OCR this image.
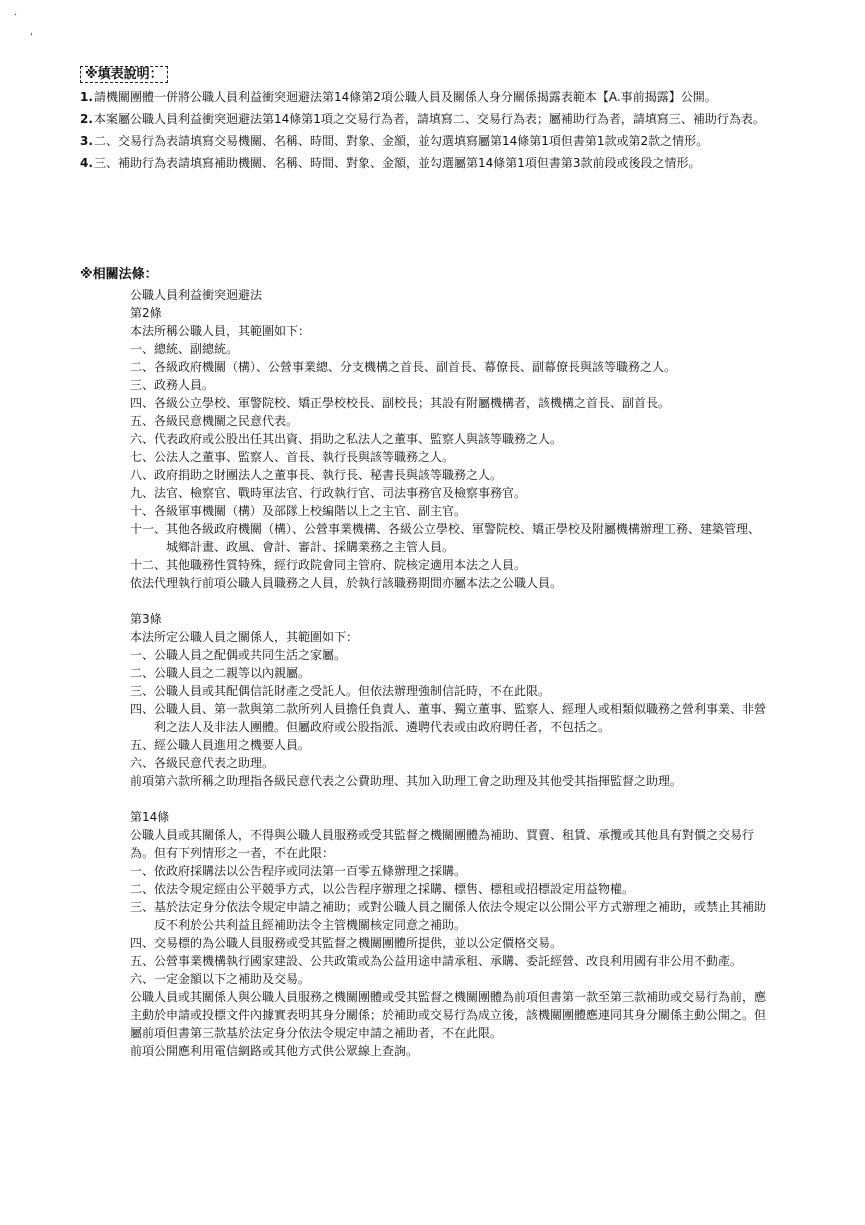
·
ˌ
※填表說明：
1. 請機關團體一併將公職人員利益衝突迴避法第14條第2項公職人員及關係人身分關係揭露表範本【A.事前揭露】公開。
2. 本案屬公職人員利益衝突迴避法第14條第1項之交易行為者，請填寫二、交易行為表；屬補助行為者，請填寫三、補助行為表。
3. 二、交易行為表請填寫交易機關、名稱、時間、對象、金額，並勾選填寫屬第14條第1項但書第1款或第2款之情形。
4. 三、補助行為表請填寫補助機關、名稱、時間、對象、金額，並勾選屬第14條第1項但書第3款前段或後段之情形。
※相關法條：
公職人員利益衝突迴避法
第2條
本法所稱公職人員，其範圍如下：
一、 總統、副總統。
二、 各級政府機關（構）、公營事業總、分支機構之首長、副首長、幕僚長、副幕僚長與該等職務之人。
三、 政務人員。
四、 各級公立學校、軍警院校、矯正學校校長、副校長；其設有附屬機構者，該機構之首長、副首長。
五、 各級民意機關之民意代表。
六、 代表政府或公股出任其出資、捐助之私法人之董事、監察人與該等職務之人。
七、 公法人之董事、監察人、首長、執行長與該等職務之人。
八、 政府捐助之財團法人之董事長、執行長、秘書長與該等職務之人。
九、 法官、檢察官、戰時軍法官、行政執行官、司法事務官及檢察事務官。
十、 各級軍事機關（構）及部隊上校編階以上之主官、副主官。
十一、 其他各級政府機關（構）、公營事業機構、各級公立學校、軍警院校、矯正學校及附屬機構辦理工務、建築管理、城鄉計畫、政風、會計、審計、採購業務之主管人員。
十二、 其他職務性質特殊，經行政院會同主管府、院核定適用本法之人員。
依法代理執行前項公職人員職務之人員，於執行該職務期間亦屬本法之公職人員。
第3條
本法所定公職人員之關係人，其範圍如下：
一、 公職人員之配偶或共同生活之家屬。
二、 公職人員之二親等以內親屬。
三、 公職人員或其配偶信託財產之受託人。但依法辦理強制信託時，不在此限。
四、 公職人員、第一款與第二款所列人員擔任負責人、董事、獨立董事、監察人、經理人或相類似職務之營利事業、非營利之法人及非法人團體。但屬政府或公股指派、遴聘代表或由政府聘任者，不包括之。
五、 經公職人員進用之機要人員。
六、 各級民意代表之助理。
前項第六款所稱之助理指各級民意代表之公費助理、其加入助理工會之助理及其他受其指揮監督之助理。
第14條
公職人員或其關係人，不得與公職人員服務或受其監督之機關團體為補助、買賣、租賃、承攬或其他具有對價之交易行為。但有下列情形之一者，不在此限：
一、 依政府採購法以公告程序或同法第一百零五條辦理之採購。
二、 依法令規定經由公平競爭方式，以公告程序辦理之採購、標售、標租或招標設定用益物權。
三、 基於法定身分依法令規定申請之補助；或對公職人員之關係人依法令規定以公開公平方式辦理之補助，或禁止其補助反不利於公共利益且經補助法令主管機關核定同意之補助。
四、 交易標的為公職人員服務或受其監督之機關團體所提供，並以公定價格交易。
五、 公營事業機構執行國家建設、公共政策或為公益用途申請承租、承購、委託經營、改良利用國有非公用不動產。
六、 一定金額以下之補助及交易。
公職人員或其關係人與公職人員服務之機關團體或受其監督之機關團體為前項但書第一款至第三款補助或交易行為前，應主動於申請或投標文件內據實表明其身分關係；於補助或交易行為成立後，該機關團體應連同其身分關係主動公開之。但屬前項但書第三款基於法定身分依法令規定申請之補助者，不在此限。
前項公開應利用電信網路或其他方式供公眾線上查詢。
